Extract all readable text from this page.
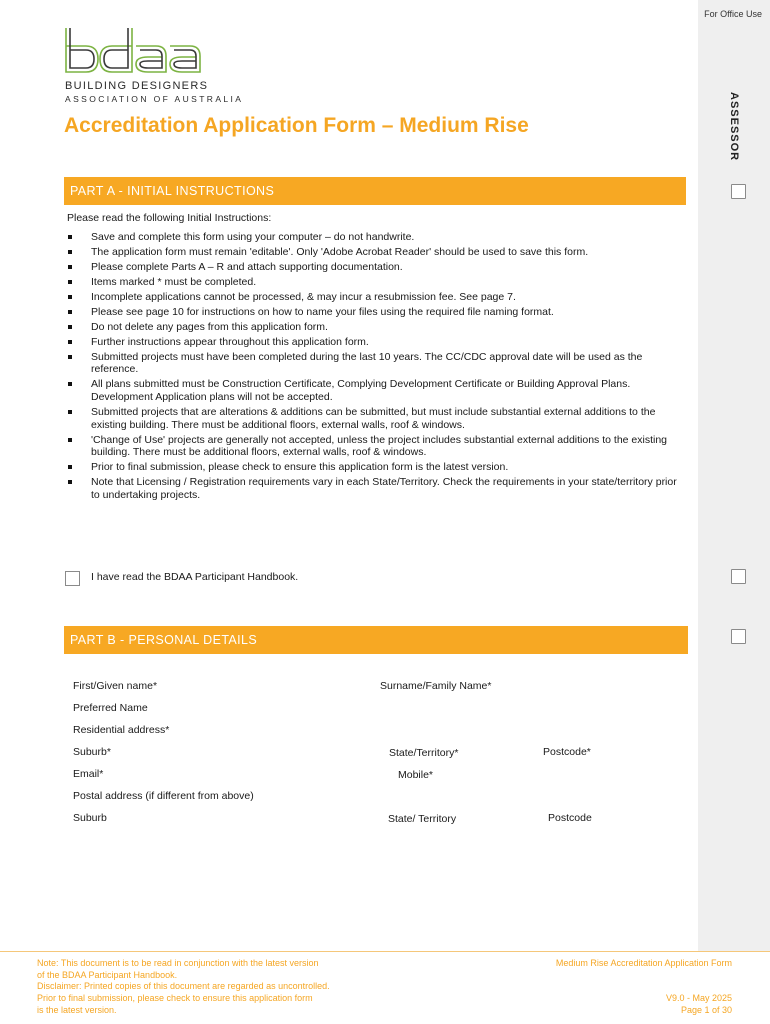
For Office Use
ASSESSOR
BUILDING DESIGNERS
ASSOCIATION OF AUSTRALIA
Accreditation Application Form – Medium Rise
PART A - INITIAL INSTRUCTIONS
Please read the following Initial Instructions:
Save and complete this form using your computer – do not handwrite.
The application form must remain 'editable'. Only 'Adobe Acrobat Reader' should be used to save this form.
Please complete Parts A – R and attach supporting documentation.
Items marked * must be completed.
Incomplete applications cannot be processed, & may incur a resubmission fee. See page 7.
Please see page 10 for instructions on how to name your files using the required file naming format.
Do not delete any pages from this application form.
Further instructions appear throughout this application form.
Submitted projects must have been completed during the last 10 years. The CC/CDC approval date will be used as the reference.
All plans submitted must be Construction Certificate, Complying Development Certificate or Building Approval Plans. Development Application plans will not be accepted.
Submitted projects that are alterations & additions can be submitted, but must include substantial external additions to the existing building. There must be additional floors, external walls, roof & windows.
'Change of Use' projects are generally not accepted, unless the project includes substantial external additions to the existing building. There must be additional floors, external walls, roof & windows.
Prior to final submission, please check to ensure this application form is the latest version.
Note that Licensing / Registration requirements vary in each State/Territory. Check the requirements in your state/territory prior to undertaking projects.
I have read the BDAA Participant Handbook.
PART B - PERSONAL DETAILS
First/Given name*	Surname/Family Name*
Preferred Name
Residential address*
Suburb*	State/Territory*	Postcode*
Email*	Mobile*
Postal address (if different from above)
Suburb	State/ Territory	Postcode
Note: This document is to be read in conjunction with the latest version
of the BDAA Participant Handbook.
Disclaimer: Printed copies of this document are regarded as uncontrolled.
Prior to final submission, please check to ensure this application form
is the latest version.
Medium Rise Accreditation Application Form
V9.0 - May 2025
Page 1 of 30
